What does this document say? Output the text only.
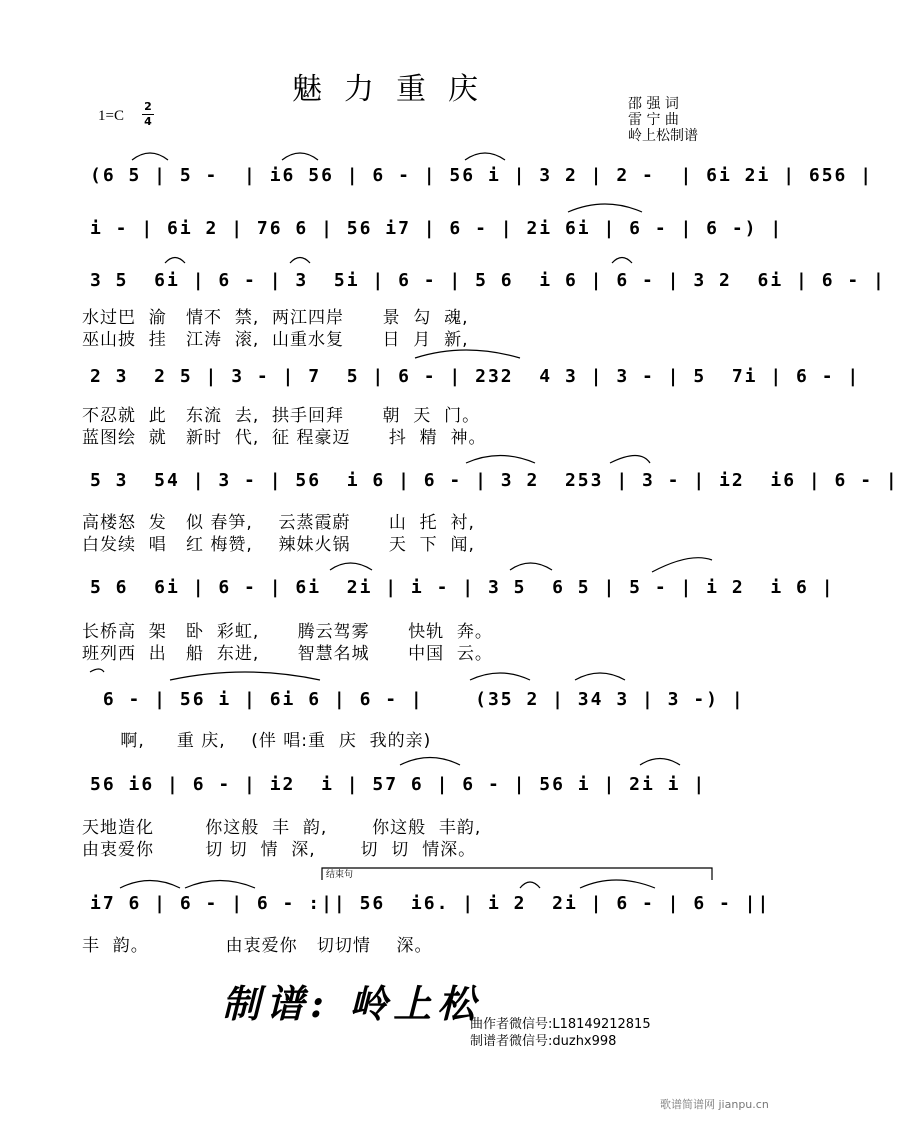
魅力重庆
1=C
2
4
邵 强 词
雷 宁 曲
岭上松制谱
(6 5 | 5 -  | i6 56 | 6 - | 56 i | 3 2 | 2 -  | 6i 2i | 656 |
i - | 6i 2 | 76 6 | 56 i7 | 6 - | 2i 6i | 6 - | 6 -) |
3 5  6i | 6 - | 3  5i | 6 - | 5 6  i 6 | 6 - | 3 2  6i | 6 - |
水过巴  渝   情不  禁,  两江四岸      景  勾  魂,
巫山披  挂   江涛  滚,  山重水复      日  月  新,
2 3  2 5 | 3 - | 7  5 | 6 - | 232  4 3 | 3 - | 5  7i | 6 - |
不忍就  此   东流  去,  拱手回拜      朝  天  门。
蓝图绘  就   新时  代,  征 程豪迈      抖  精  神。
5 3  54 | 3 - | 56  i 6 | 6 - | 3 2  253 | 3 - | i2  i6 | 6 - |
高楼怒  发   似 春笋,    云蒸霞蔚      山  托  衬,
白发续  唱   红 梅赞,    辣妹火锅      天  下  闻,
5 6  6i | 6 - | 6i  2i | i - | 3 5  6 5 | 5 - | i 2  i 6 |
长桥高  架   卧  彩虹,      腾云驾雾      快轨  奔。
班列西  出   船  东进,      智慧名城      中国  云。
6 - | 56 i | 6i 6 | 6 - |    (35 2 | 34 3 | 3 -) |
啊,     重 庆,    (伴 唱:重  庆  我的亲)
56 i6 | 6 - | i2  i | 57 6 | 6 - | 56 i | 2i i |
天地造化        你这般  丰  韵,       你这般  丰韵,
由衷爱你        切 切  情  深,       切  切  情深。
结束句
i7 6 | 6 - | 6 - :|| 56  i6. | i 2  2i | 6 - | 6 - ||
丰  韵。            由衷爱你   切切情    深。
制谱: 岭上松
曲作者微信号:L18149212815
制谱者微信号:duzhx998
歌谱简谱网 jianpu.cn
